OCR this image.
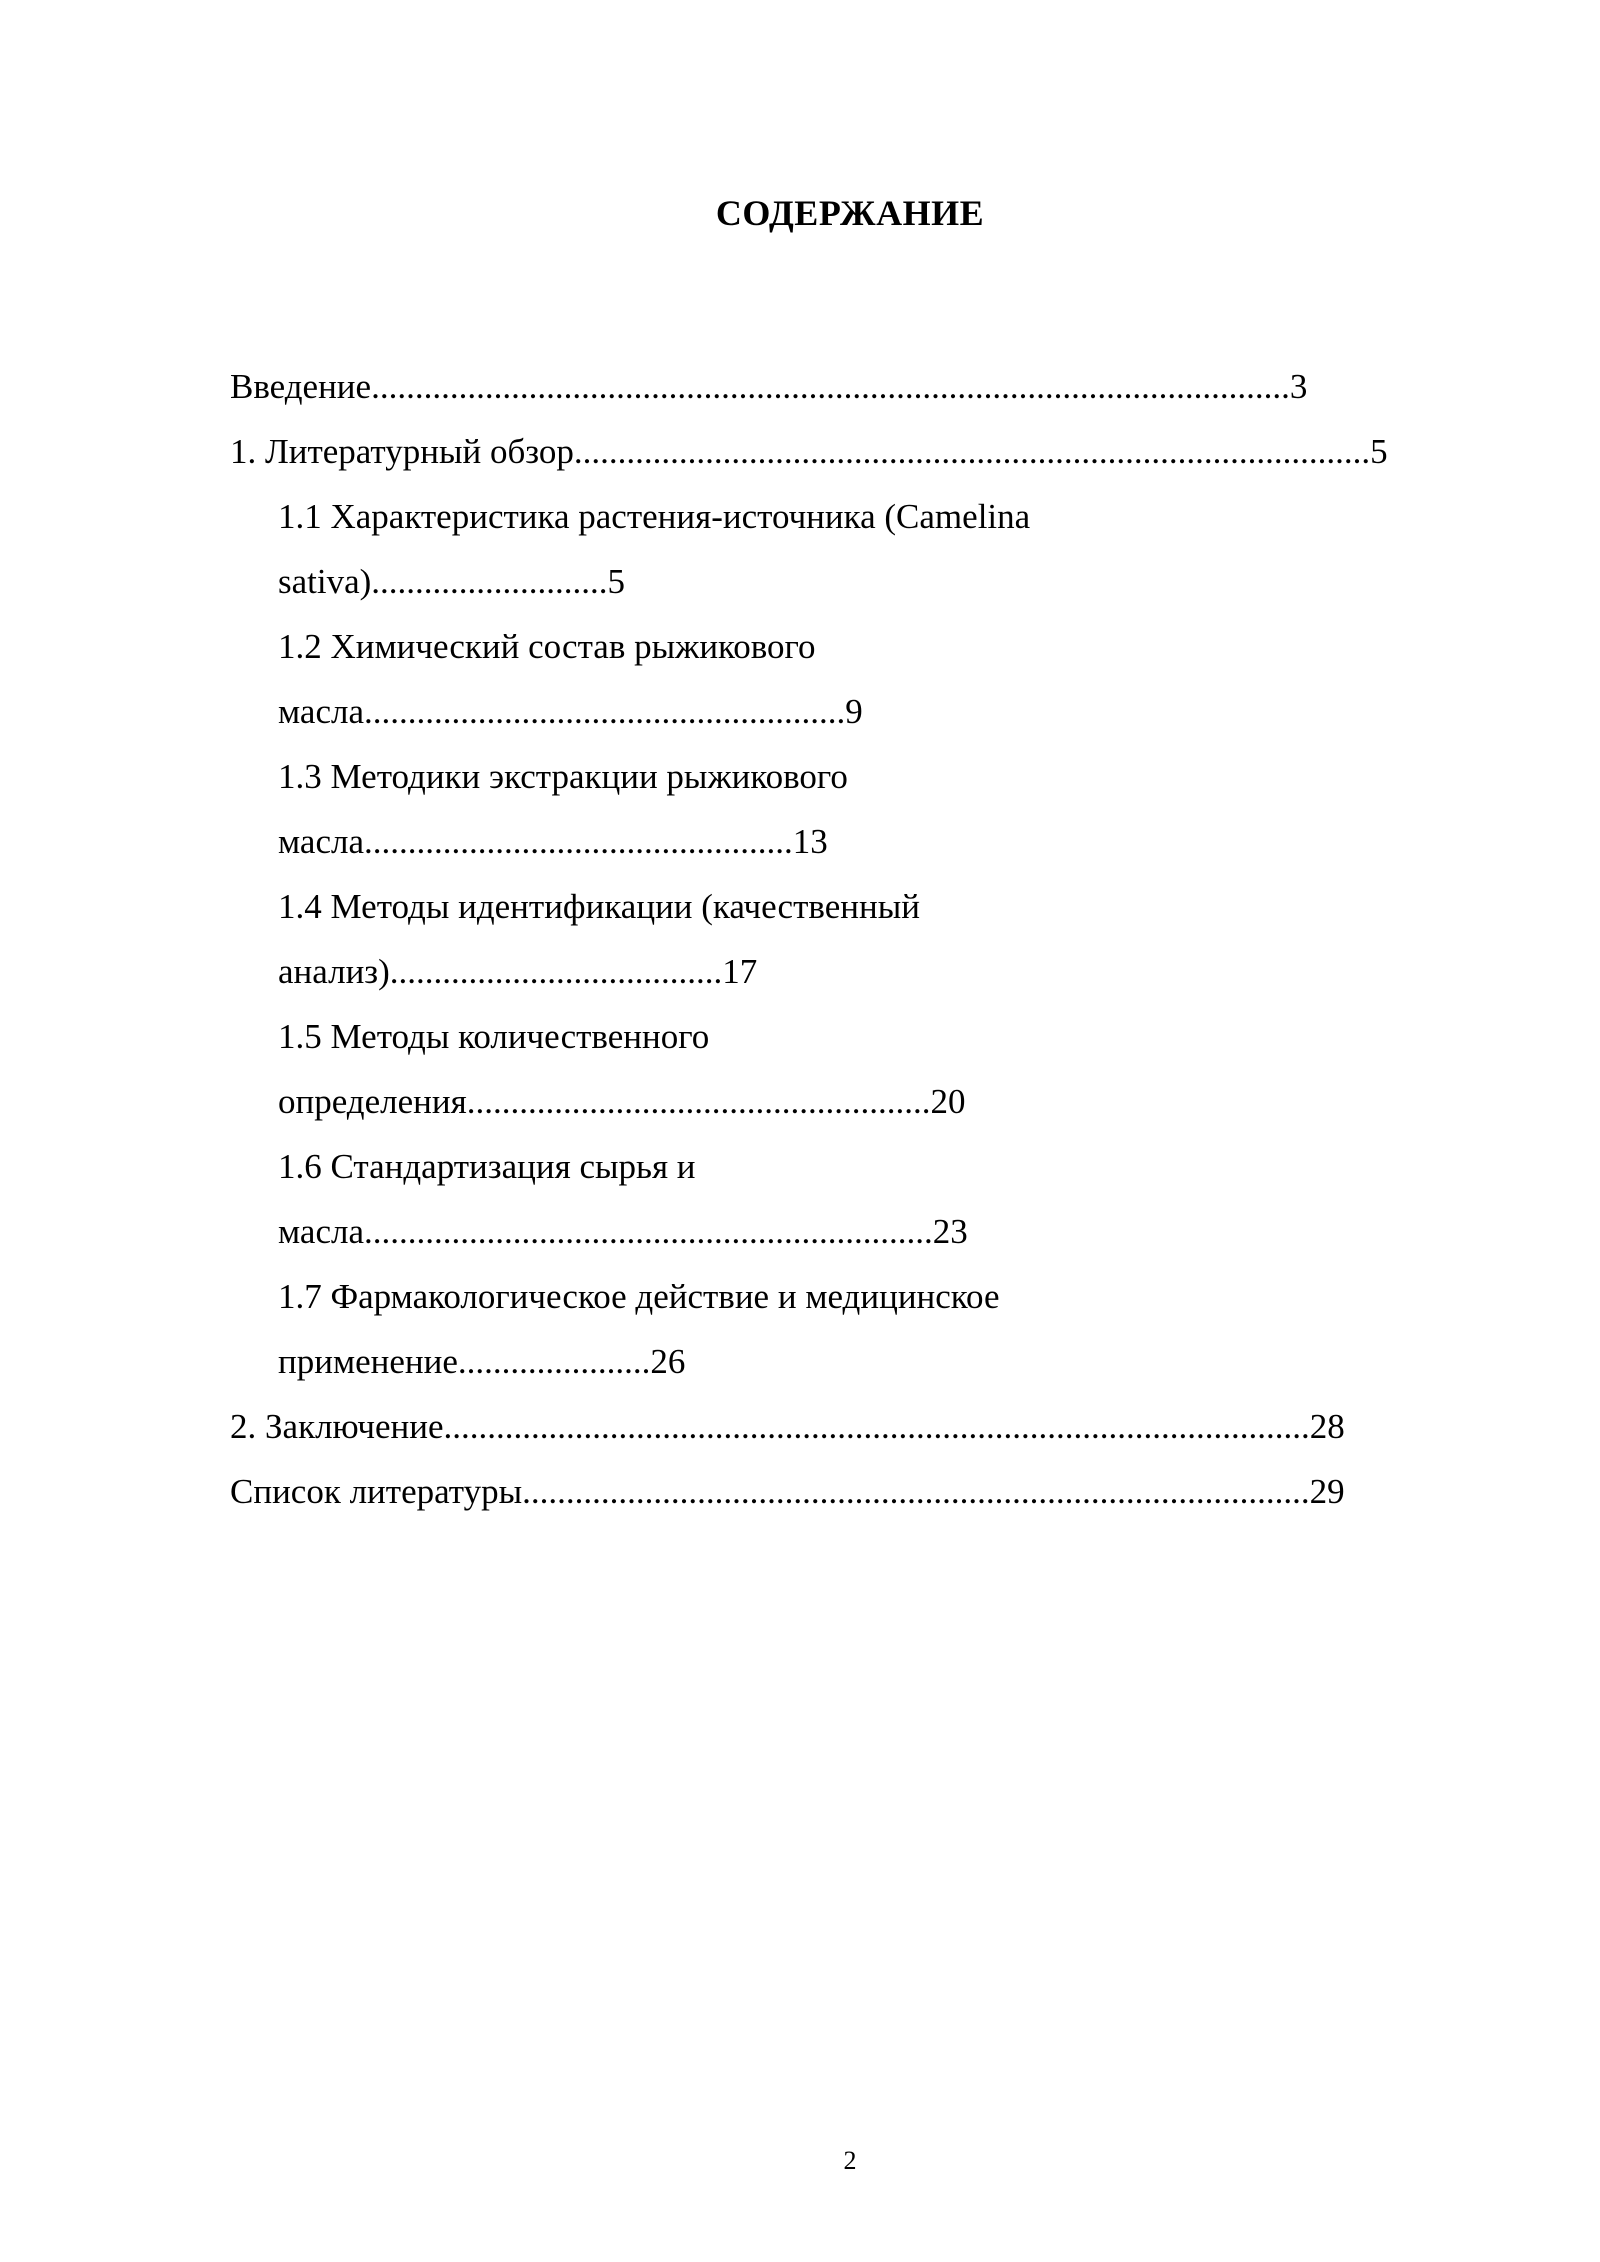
СОДЕРЖАНИЕ
Введение.........................................................................................................3
1. Литературный обзор...........................................................................................5
1.1 Характеристика растения-источника (Camelina
sativa)...........................5
1.2 Химический состав рыжикового
масла.......................................................9
1.3 Методики экстракции рыжикового
масла.................................................13
1.4 Методы идентификации (качественный
анализ)......................................17
1.5 Методы количественного
определения.....................................................20
1.6 Стандартизация сырья и
масла.................................................................23
1.7 Фармакологическое действие и медицинское
применение......................26
2. Заключение...................................................................................................28
Список литературы..........................................................................................29
2
